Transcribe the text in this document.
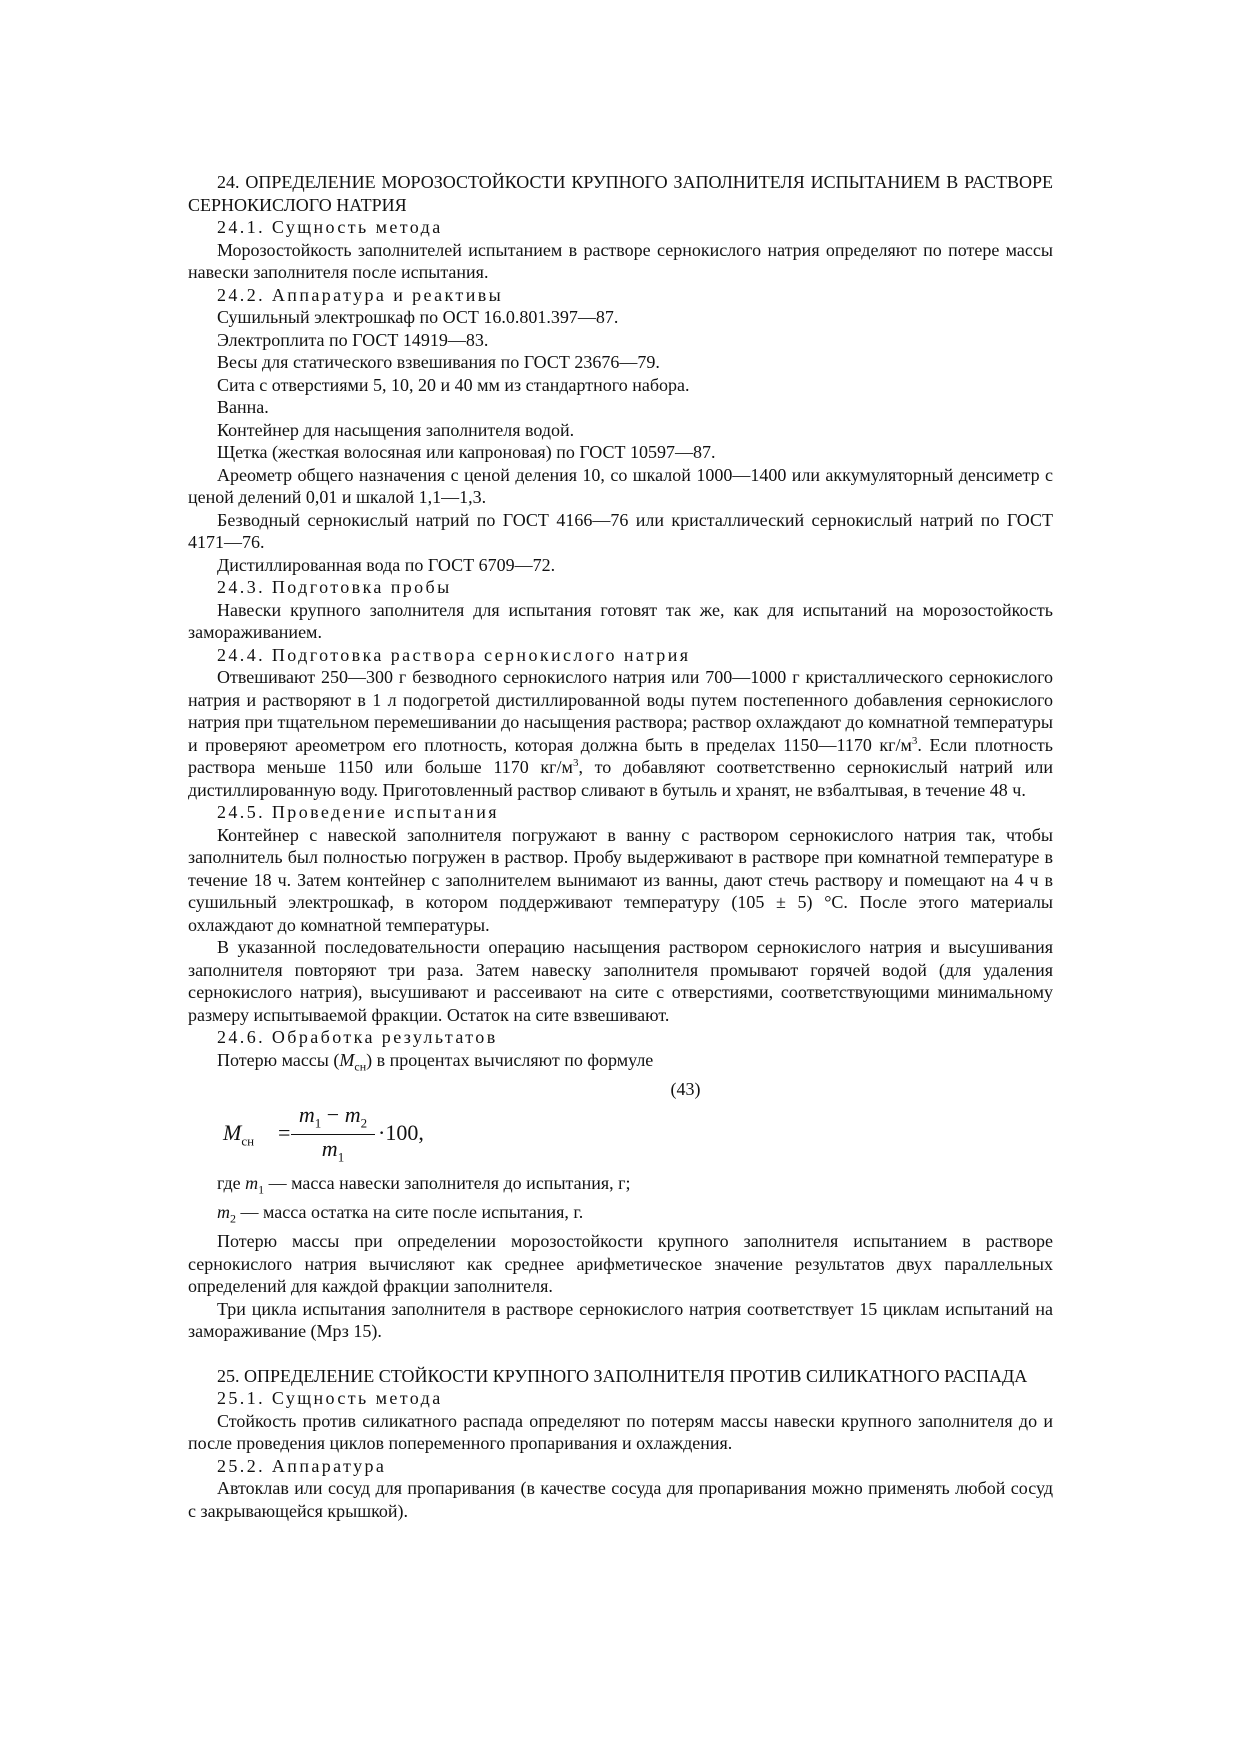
24. ОПРЕДЕЛЕНИЕ МОРОЗОСТОЙКОСТИ КРУПНОГО ЗАПОЛНИТЕЛЯ ИСПЫТАНИЕМ В РАСТВОРЕ СЕРНОКИСЛОГО НАТРИЯ

24.1. Сущность метода

Морозостойкость заполнителей испытанием в растворе сернокислого натрия определяют по потере массы навески заполнителя после испытания.

24.2. Аппаратура и реактивы

Сушильный электрошкаф по ОСТ 16.0.801.397—87.

Электроплита по ГОСТ 14919—83.

Весы для статического взвешивания по ГОСТ 23676—79.

Сита с отверстиями 5, 10, 20 и 40 мм из стандартного набора.

Ванна.

Контейнер для насыщения заполнителя водой.

Щетка (жесткая волосяная или капроновая) по ГОСТ 10597—87.

Ареометр общего назначения с ценой деления 10, со шкалой 1000—1400 или аккумуляторный денсиметр с ценой делений 0,01 и шкалой 1,1—1,3.

Безводный сернокислый натрий по ГОСТ 4166—76 или кристаллический сернокислый натрий по ГОСТ 4171—76.

Дистиллированная вода по ГОСТ 6709—72.

24.3. Подготовка пробы

Навески крупного заполнителя для испытания готовят так же, как для испытаний на морозостойкость замораживанием.

24.4. Подготовка раствора сернокислого натрия

Отвешивают 250—300 г безводного сернокислого натрия или 700—1000 г кристаллического сернокислого натрия и растворяют в 1 л подогретой дистиллированной воды путем постепенного добавления сернокислого натрия при тщательном перемешивании до насыщения раствора; раствор охлаждают до комнатной температуры и проверяют ареометром его плотность, которая должна быть в пределах 1150—1170 $кг/м^3$. Если плотность раствора меньше 1150 или больше 1170 $кг/м^3$, то добавляют соответственно сернокислый натрий или дистиллированную воду. Приготовленный раствор сливают в бутыль и хранят, не взбалтывая, в течение 48 ч.

24.5. Проведение испытания

Контейнер с навеской заполнителя погружают в ванну с раствором сернокислого натрия так, чтобы заполнитель был полностью погружен в раствор. Пробу выдерживают в растворе при комнатной температуре в течение 18 ч. Затем контейнер с заполнителем вынимают из ванны, дают стечь раствору и помещают на 4 ч в сушильный электрошкаф, в котором поддерживают температуру (105 ± 5) °С. После этого материалы охлаждают до комнатной температуры.

В указанной последовательности операцию насыщения раствором сернокислого натрия и высушивания заполнителя повторяют три раза. Затем навеску заполнителя промывают горячей водой (для удаления сернокислого натрия), высушивают и рассеивают на сите с отверстиями, соответствующими минимальному размеру испытываемой фракции. Остаток на сите взвешивают.

24.6. Обработка результатов

Потерю массы $(M_{сн})$ в процентах вычисляют по формуле

(43)

$M_{сн}$ =
$m_1 - m_2$
$m_1$
·100,

где $m_1$ — масса навески заполнителя до испытания, г;

$m_2$ — масса остатка на сите после испытания, г.

Потерю массы при определении морозостойкости крупного заполнителя испытанием в растворе сернокислого натрия вычисляют как среднее арифметическое значение результатов двух параллельных определений для каждой фракции заполнителя.

Три цикла испытания заполнителя в растворе сернокислого натрия соответствует 15 циклам испытаний на замораживание (Мрз 15).

25. ОПРЕДЕЛЕНИЕ СТОЙКОСТИ КРУПНОГО ЗАПОЛНИТЕЛЯ ПРОТИВ СИЛИКАТНОГО РАСПАДА

25.1. Сущность метода

Стойкость против силикатного распада определяют по потерям массы навески крупного заполнителя до и после проведения циклов попеременного пропаривания и охлаждения.

25.2. Аппаратура

Автоклав или сосуд для пропаривания (в качестве сосуда для пропаривания можно применять любой сосуд с закрывающейся крышкой).
